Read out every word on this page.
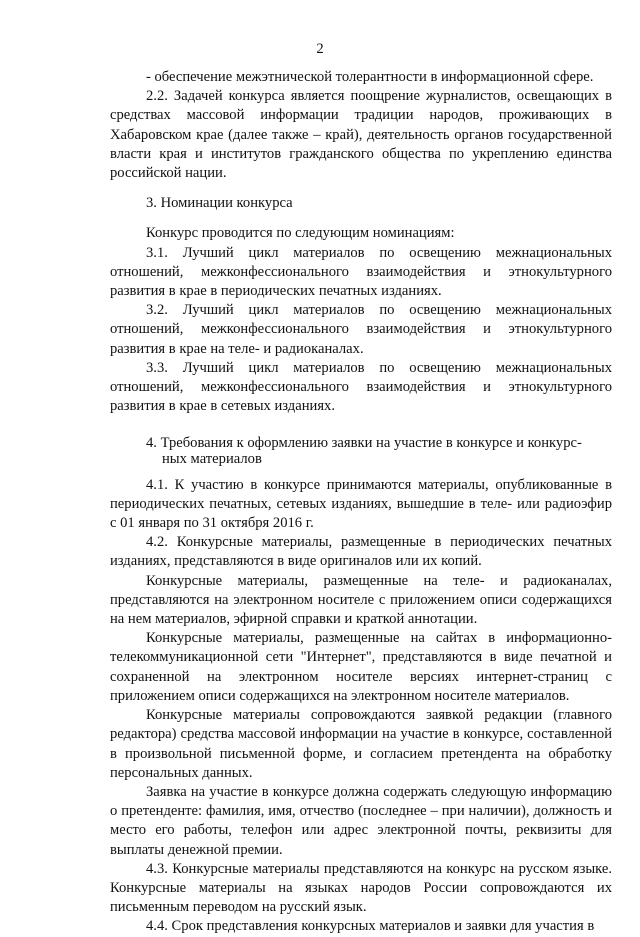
2

- обеспечение межэтнической толерантности в информационной сфере.

2.2. Задачей конкурса является поощрение журналистов, освещающих в средствах массовой информации традиции народов, проживающих в Хабаровском крае (далее также – край), деятельность органов государственной власти края и институтов гражданского общества по укреплению единства российской нации.

3. Номинации конкурса

Конкурс проводится по следующим номинациям:

3.1. Лучший цикл материалов по освещению межнациональных отношений, межконфессионального взаимодействия и этнокультурного развития в крае в периодических печатных изданиях.

3.2. Лучший цикл материалов по освещению межнациональных отношений, межконфессионального взаимодействия и этнокультурного развития в крае на теле- и радиоканалах.

3.3. Лучший цикл материалов по освещению межнациональных отношений, межконфессионального взаимодействия и этнокультурного развития в крае в сетевых изданиях.

4. Требования к оформлению заявки на участие в конкурсе и конкурс-
ных материалов

4.1. К участию в конкурсе принимаются материалы, опубликованные в периодических печатных, сетевых изданиях, вышедшие в теле- или радиоэфир с 01 января по 31 октября 2016 г.

4.2. Конкурсные материалы, размещенные в периодических печатных изданиях, представляются в виде оригиналов или их копий.

Конкурсные материалы, размещенные на теле- и радиоканалах, представляются на электронном носителе с приложением описи содержащихся на нем материалов, эфирной справки и краткой аннотации.

Конкурсные материалы, размещенные на сайтах в информационно-телекоммуникационной сети "Интернет", представляются в виде печатной и сохраненной на электронном носителе версиях интернет-страниц с приложением описи содержащихся на электронном носителе материалов.

Конкурсные материалы сопровождаются заявкой редакции (главного редактора) средства массовой информации на участие в конкурсе, составленной в произвольной письменной форме, и согласием претендента на обработку персональных данных.

Заявка на участие в конкурсе должна содержать следующую информацию о претенденте: фамилия, имя, отчество (последнее – при наличии), должность и место его работы, телефон или адрес электронной почты, реквизиты для выплаты денежной премии.

4.3. Конкурсные материалы представляются на конкурс на русском языке. Конкурсные материалы на языках народов России сопровождаются их письменным переводом на русский язык.

4.4. Срок представления конкурсных материалов и заявки для участия в
